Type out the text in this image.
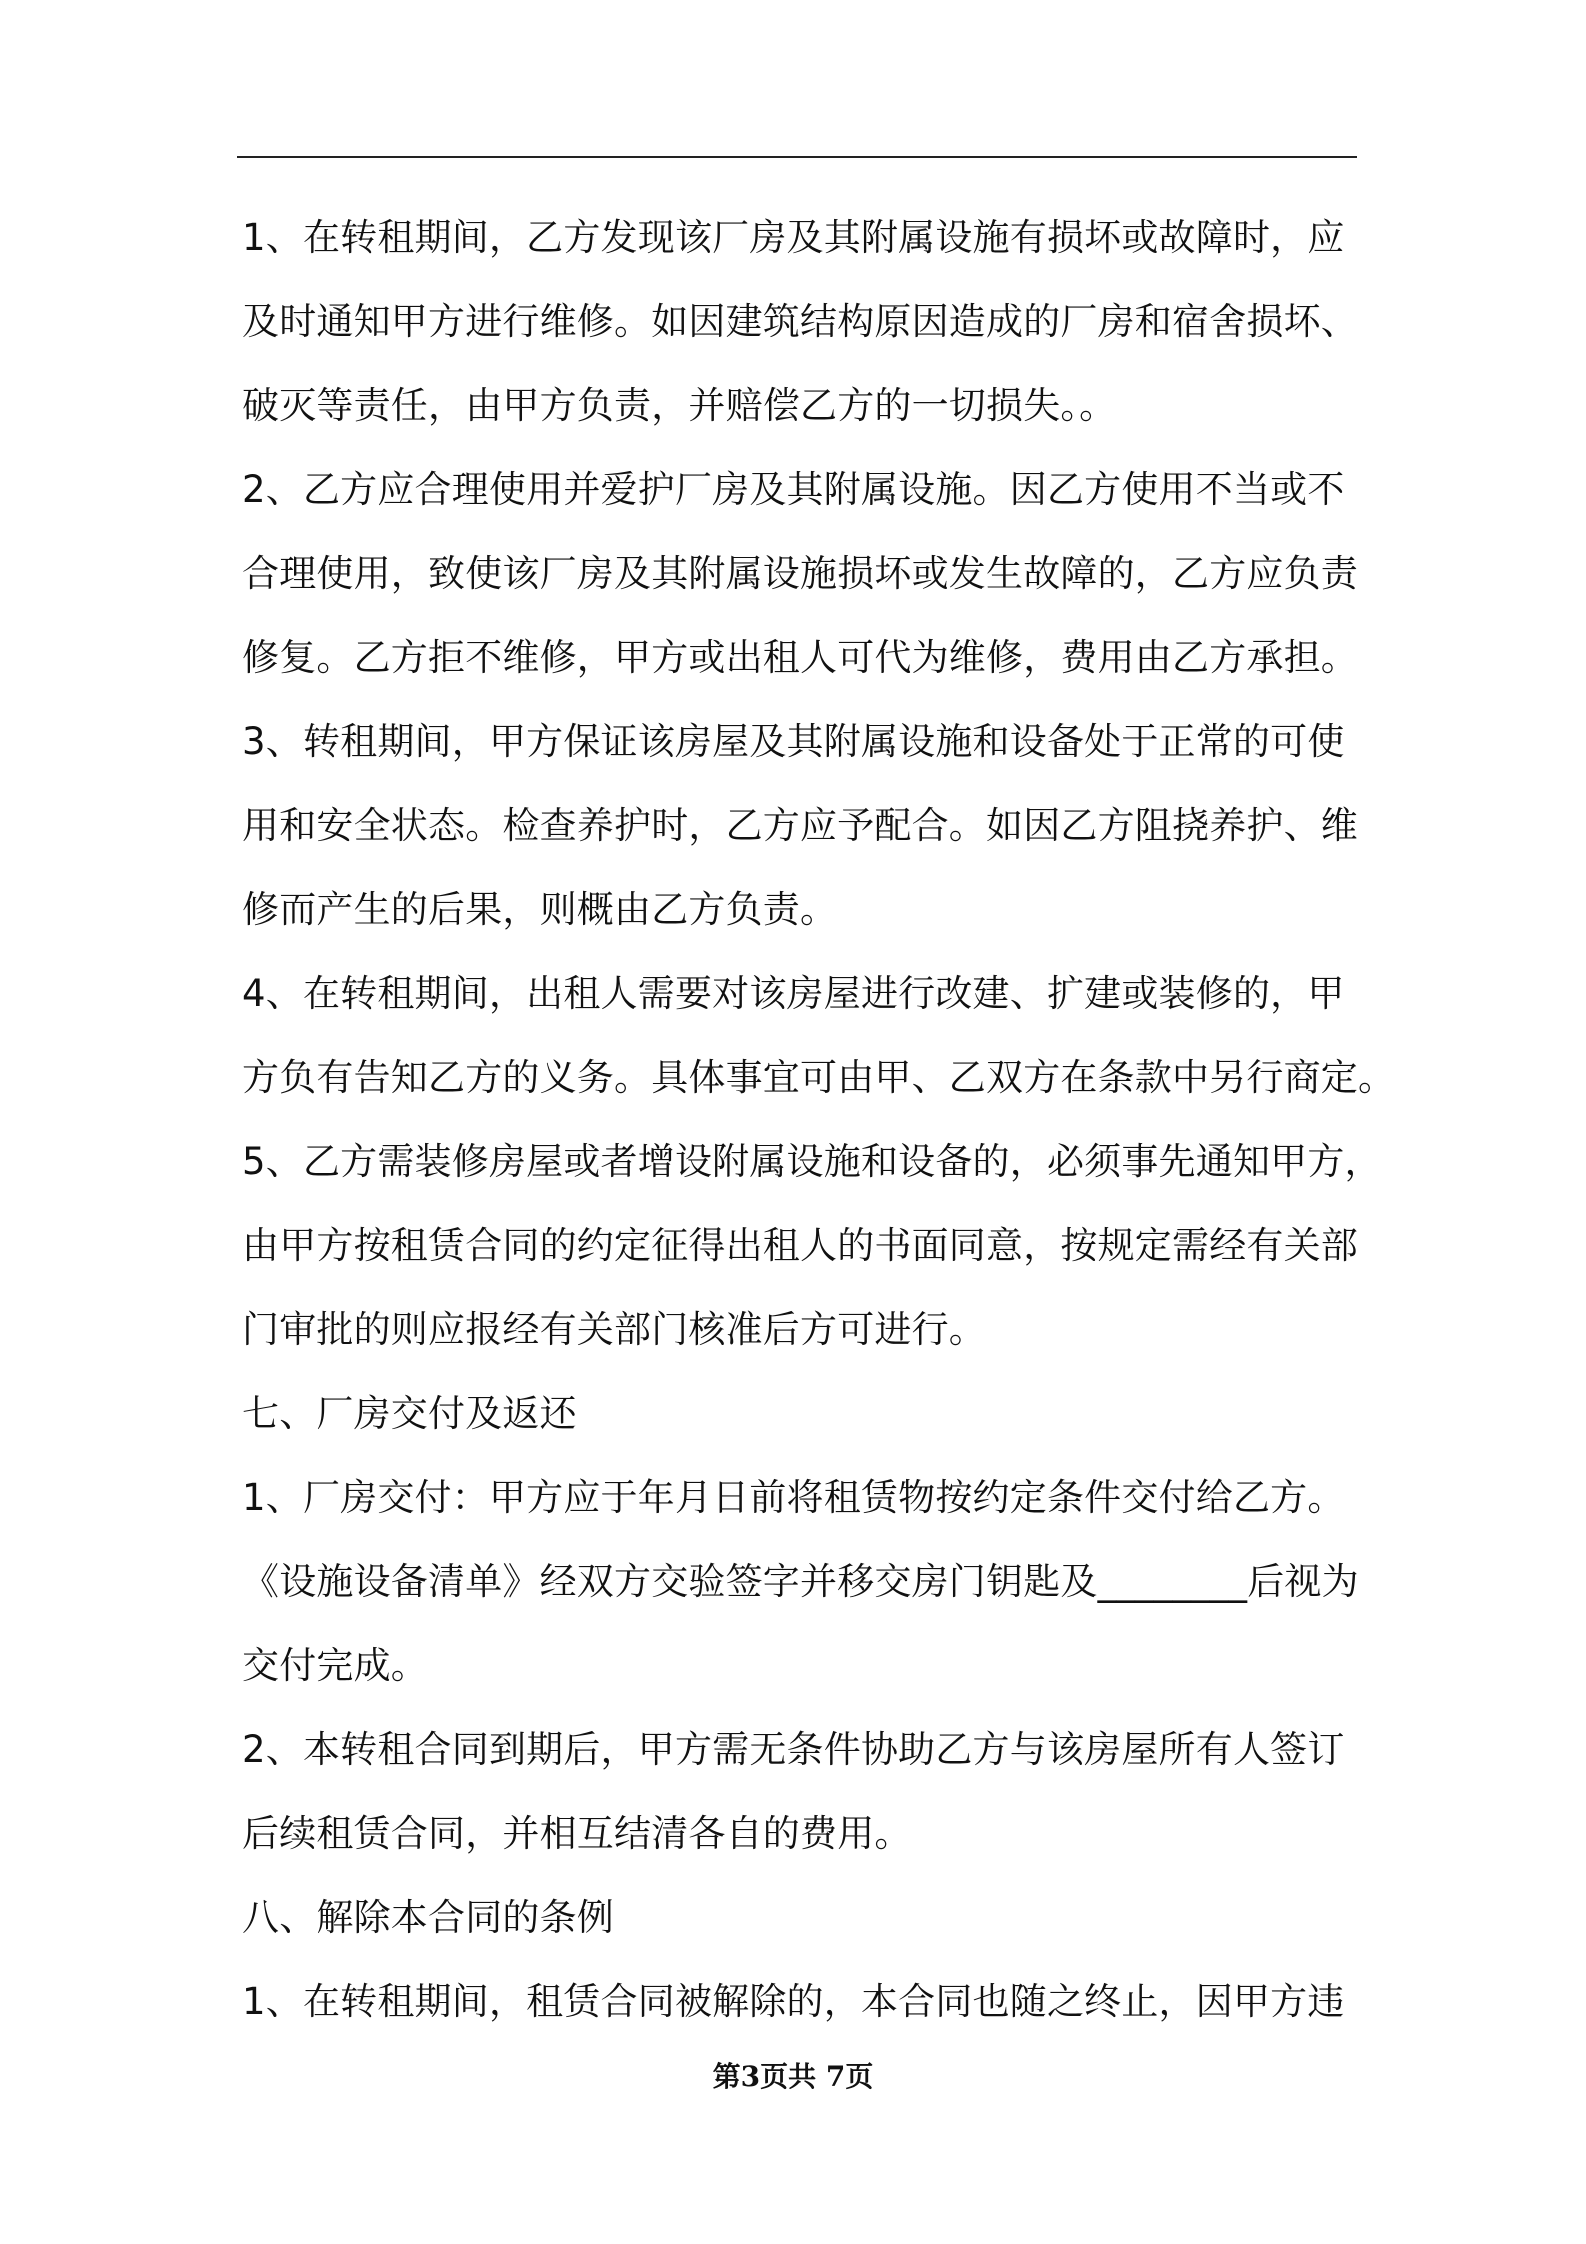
1、在转租期间，乙方发现该厂房及其附属设施有损坏或故障时，应
及时通知甲方进行维修。如因建筑结构原因造成的厂房和宿舍损坏、
破灭等责任，由甲方负责，并赔偿乙方的一切损失。。
2、乙方应合理使用并爱护厂房及其附属设施。因乙方使用不当或不
合理使用，致使该厂房及其附属设施损坏或发生故障的，乙方应负责
修复。乙方拒不维修，甲方或出租人可代为维修，费用由乙方承担。
3、转租期间，甲方保证该房屋及其附属设施和设备处于正常的可使
用和安全状态。检查养护时，乙方应予配合。如因乙方阻挠养护、维
修而产生的后果，则概由乙方负责。
4、在转租期间，出租人需要对该房屋进行改建、扩建或装修的，甲
方负有告知乙方的义务。具体事宜可由甲、乙双方在条款中另行商定。
5、乙方需装修房屋或者增设附属设施和设备的，必须事先通知甲方，
由甲方按租赁合同的约定征得出租人的书面同意，按规定需经有关部
门审批的则应报经有关部门核准后方可进行。
七、厂房交付及返还
1、厂房交付：甲方应于年月日前将租赁物按约定条件交付给乙方。
《设施设备清单》经双方交验签字并移交房门钥匙及________后视为
交付完成。
2、本转租合同到期后，甲方需无条件协助乙方与该房屋所有人签订
后续租赁合同，并相互结清各自的费用。
八、解除本合同的条例
1、在转租期间，租赁合同被解除的，本合同也随之终止，因甲方违
第3页共 7页
